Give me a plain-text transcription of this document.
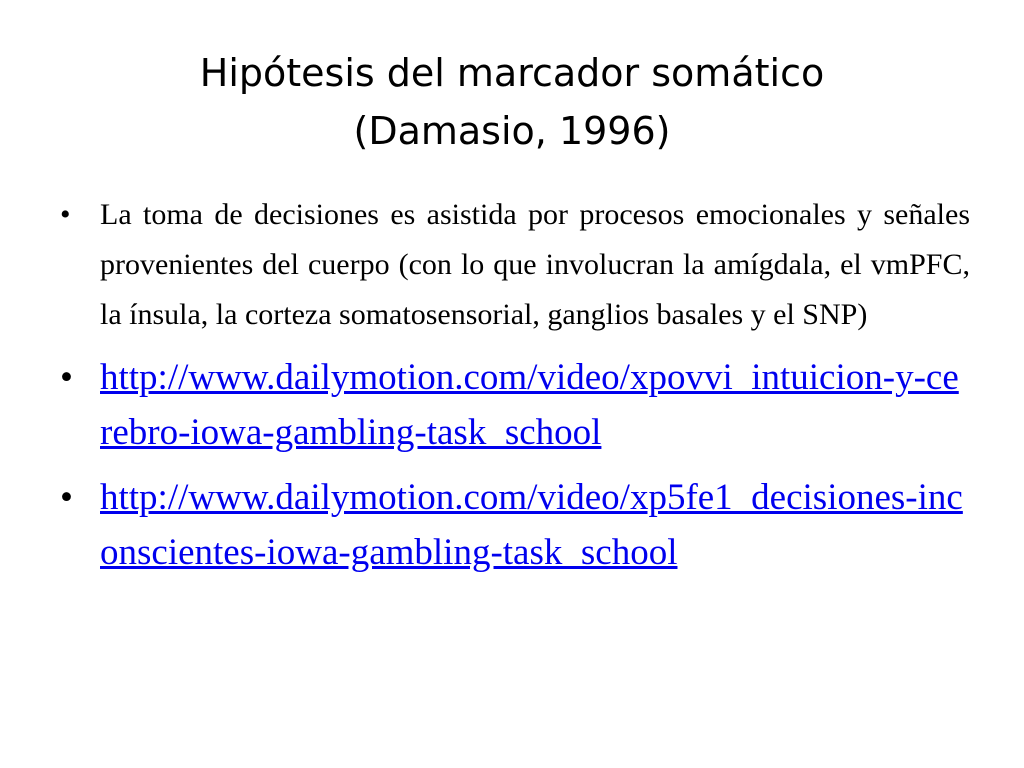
Hipótesis del marcador somático
(Damasio, 1996)
• La toma de decisiones es asistida por procesos emocionales y señales provenientes del cuerpo (con lo que involucran la amígdala, el vmPFC, la ínsula, la corteza somatosensorial, ganglios basales y el SNP)
• http://www.dailymotion.com/video/xpovvi_intuicion-y-cerebro-iowa-gambling-task_school
• http://www.dailymotion.com/video/xp5fe1_decisiones-inconscientes-iowa-gambling-task_school
